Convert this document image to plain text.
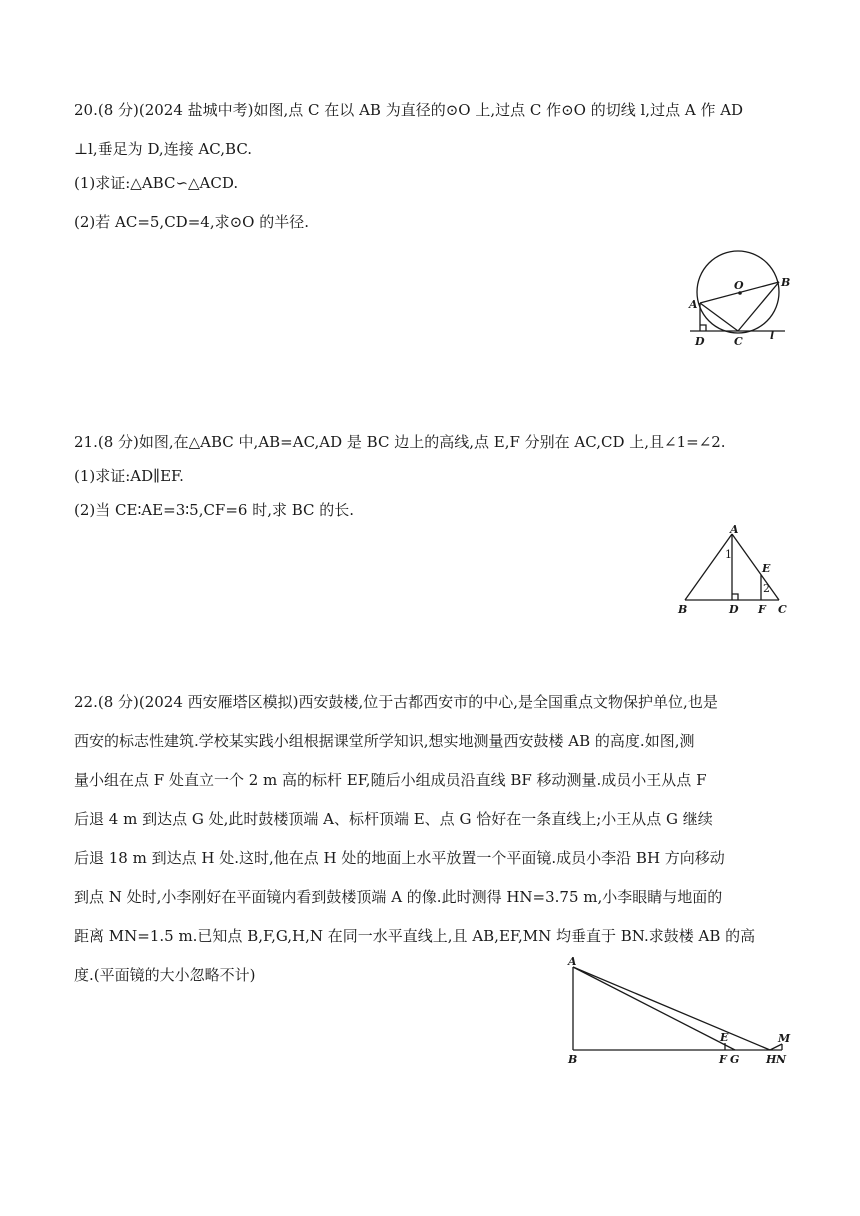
20.(8 分)(2024 盐城中考)如图,点 C 在以 AB 为直径的⊙O 上,过点 C 作⊙O 的切线 l,过点 A 作 AD
⊥l,垂足为 D,连接 AC,BC.
(1)求证:△ABC∽△ACD.
(2)若 AC=5,CD=4,求⊙O 的半径.
O
A
B
C
D	l
21.(8 分)如图,在△ABC 中,AB=AC,AD 是 BC 边上的高线,点 E,F 分别在 AC,CD 上,且∠1=∠2.
(1)求证:AD∥EF.
(2)当 CE∶AE=3∶5,CF=6 时,求 BC 的长.
A
B	C
D F
E
1
2
22.(8 分)(2024 西安雁塔区模拟)西安鼓楼,位于古都西安市的中心,是全国重点文物保护单位,也是
西安的标志性建筑.学校某实践小组根据课堂所学知识,想实地测量西安鼓楼 AB 的高度.如图,测
量小组在点 F 处直立一个 2 m 高的标杆 EF,随后小组成员沿直线 BF 移动测量.成员小王从点 F
后退 4 m 到达点 G 处,此时鼓楼顶端 A、标杆顶端 E、点 G 恰好在一条直线上;小王从点 G 继续
后退 18 m 到达点 H 处.这时,他在点 H 处的地面上水平放置一个平面镜.成员小李沿 BH 方向移动
到点 N 处时,小李刚好在平面镜内看到鼓楼顶端 A 的像.此时测得 HN=3.75 m,小李眼睛与地面的
距离 MN=1.5 m.已知点 B,F,G,H,N 在同一水平直线上,且 AB,EF,MN 均垂直于 BN.求鼓楼 AB 的高
度.(平面镜的大小忽略不计)
A
B
E
F G H N
M
